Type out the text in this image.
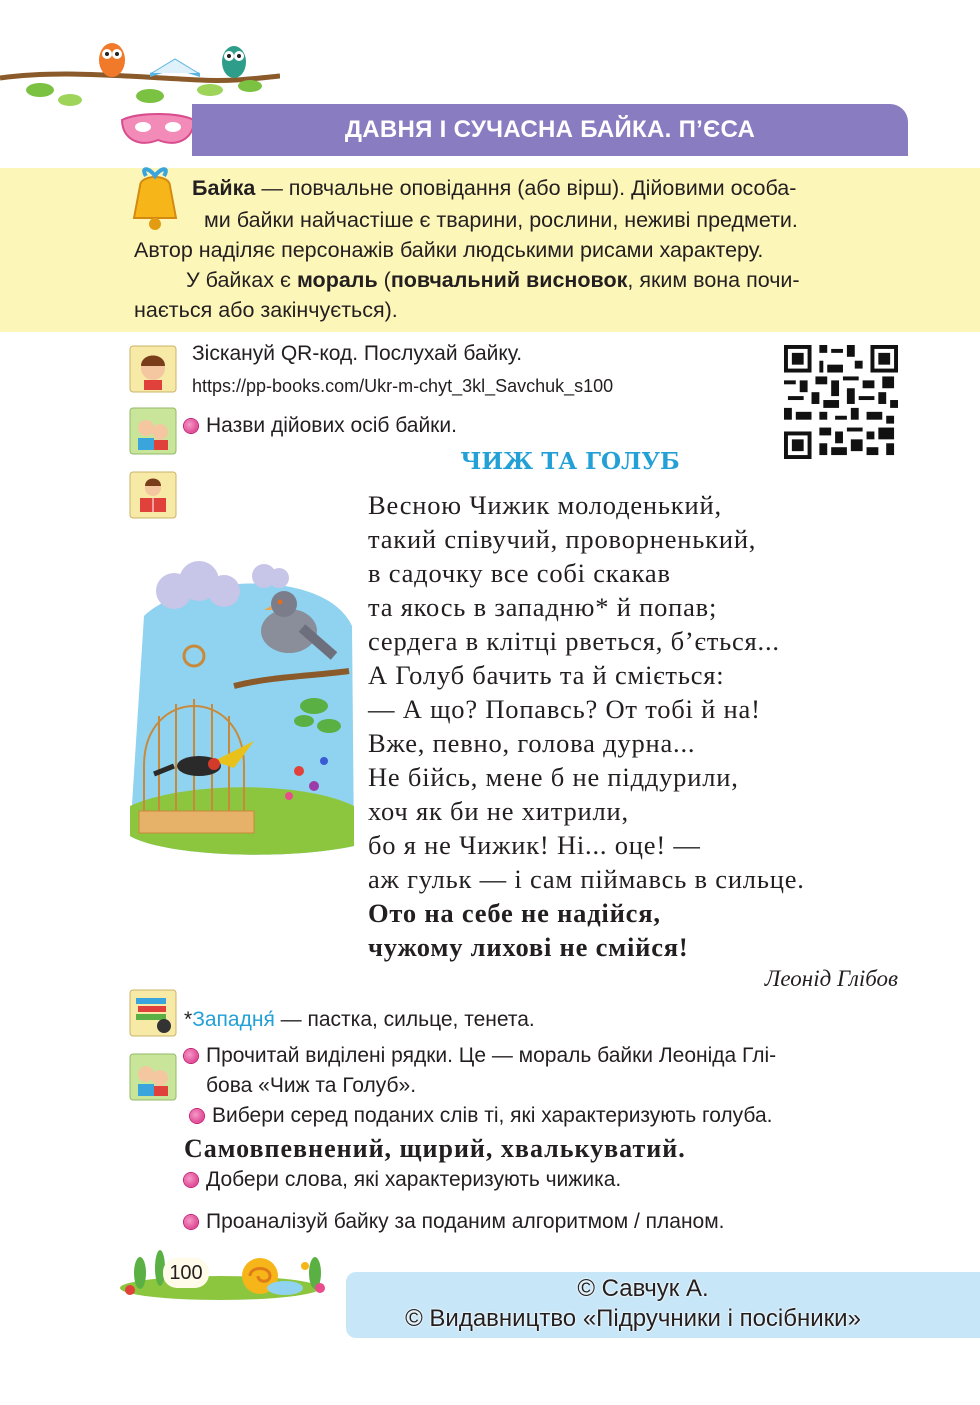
ДАВНЯ І СУЧАСНА БАЙКА. П’ЄСА
Байка — повчальне оповідання (або вірш). Дійовими особа-
ми байки найчастіше є тварини, рослини, неживі предмети.
Автор наділяє персонажів байки людськими рисами характеру.
У байках є мораль (повчальний висновок, яким вона почи-
нається або закінчується).
Зіскануй QR-код. Послухай байку.
https://pp-books.com/Ukr-m-chyt_3kl_Savchuk_s100
Назви дійових осіб байки.
ЧИЖ ТА ГОЛУБ
Весною Чижик молоденький,
такий співучий, проворненький,
в садочку все собі скакав
та якось в западню* й попав;
сердега в клітці рветься, б’ється...
А Голуб бачить та й сміється:
— А що? Попавсь? От тобі й на!
Вже, певно, голова дурна...
Не бійсь, мене б не піддурили,
хоч як би не хитрили,
бо я не Чижик! Ні... оце! —
аж гульк — і сам піймавсь в сильце.
Ото на себе не надійся,
чужому лихові не смійся!
Леонід Глібов
*Западня́ — пастка, сильце, тенета.
Прочитай виділені рядки. Це — мораль байки Леоніда Глі-
бова «Чиж та Голуб».
Вибери серед поданих слів ті, які характеризують голуба.
Самовпевнений, щирий, хвалькуватий.
Добери слова, які характеризують чижика.
Проаналізуй байку за поданим алгоритмом / планом.
100
© Савчук А.
© Видавництво «Підручники і посібники»
